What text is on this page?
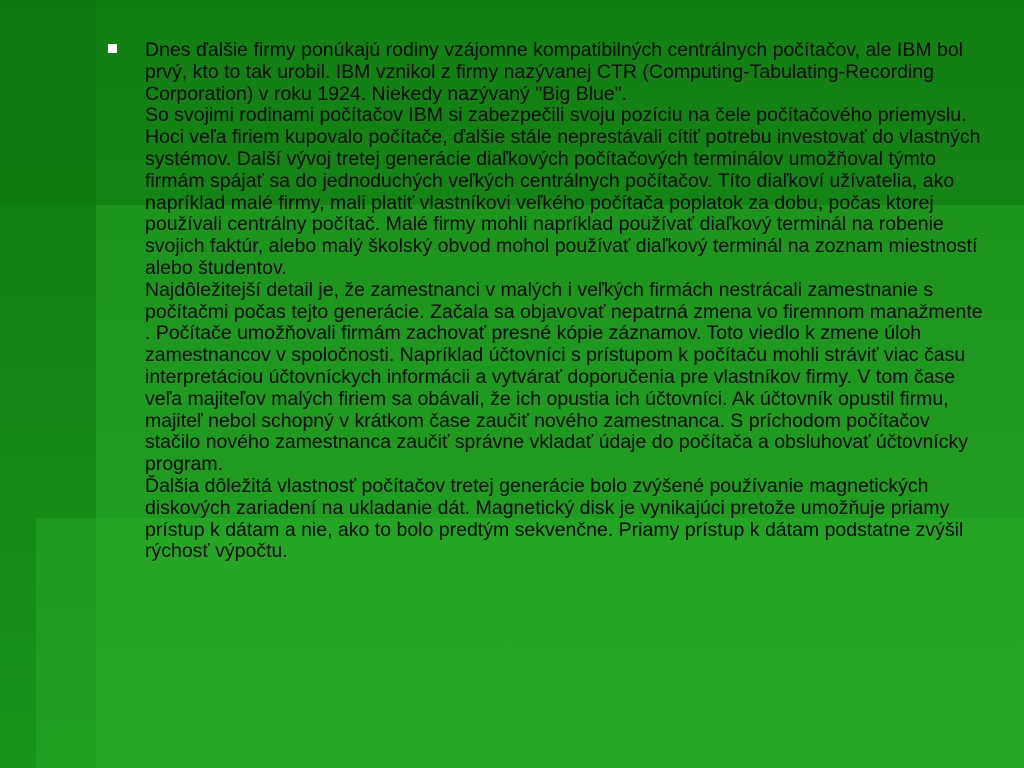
Dnes ďalšie firmy ponúkajú rodiny vzájomne kompatibilných centrálnych počítačov, ale IBM bol prvý, kto to tak urobil. IBM vznikol z firmy nazývanej CTR (Computing-Tabulating-Recording Corporation) v roku 1924. Niekedy nazývaný "Big Blue".
So svojimi rodinami počítačov IBM si zabezpečili svoju pozíciu na čele počítačového priemyslu. Hoci veľa firiem kupovalo počítače, ďalšie stále neprestávali cítiť potrebu investovať do vlastných systémov. Další vývoj tretej generácie diaľkových počítačových terminálov umožňoval týmto firmám spájať sa do jednoduchých veľkých centrálnych počítačov. Títo diaľkoví užívatelia, ako napríklad malé firmy, mali platiť vlastníkovi veľkého počítača poplatok za dobu, počas ktorej používali centrálny počítač. Malé firmy mohli napríklad používať diaľkový terminál na robenie svojich faktúr, alebo malý školský obvod mohol používať diaľkový terminál na zoznam miestností alebo študentov.
Najdôležitejší detail je, že zamestnanci v malých i veľkých firmách nestrácali zamestnanie s počítačmi počas tejto generácie. Začala sa objavovať nepatrná zmena vo firemnom manažmente . Počítače umožňovali firmám zachovať presné kópie záznamov. Toto viedlo k zmene úloh zamestnancov v spoločnosti. Napríklad účtovníci s prístupom k počítaču mohli stráviť viac času interpretáciou účtovníckych informácii a vytvárať doporučenia pre vlastníkov firmy. V tom čase veľa majiteľov malých firiem sa obávali, že ich opustia ich účtovníci. Ak účtovník opustil firmu, majiteľ nebol schopný v krátkom čase zaučiť nového zamestnanca. S príchodom počítačov stačilo nového zamestnanca zaučiť správne vkladať údaje do počítača a obsluhovať účtovnícky program.
Ďalšia dôležitá vlastnosť počítačov tretej generácie bolo zvýšené používanie magnetických diskových zariadení na ukladanie dát. Magnetický disk je vynikajúci pretože umožňuje priamy prístup k dátam a nie, ako to bolo predtým sekvenčne. Priamy prístup k dátam podstatne zvýšil rýchosť výpočtu.
